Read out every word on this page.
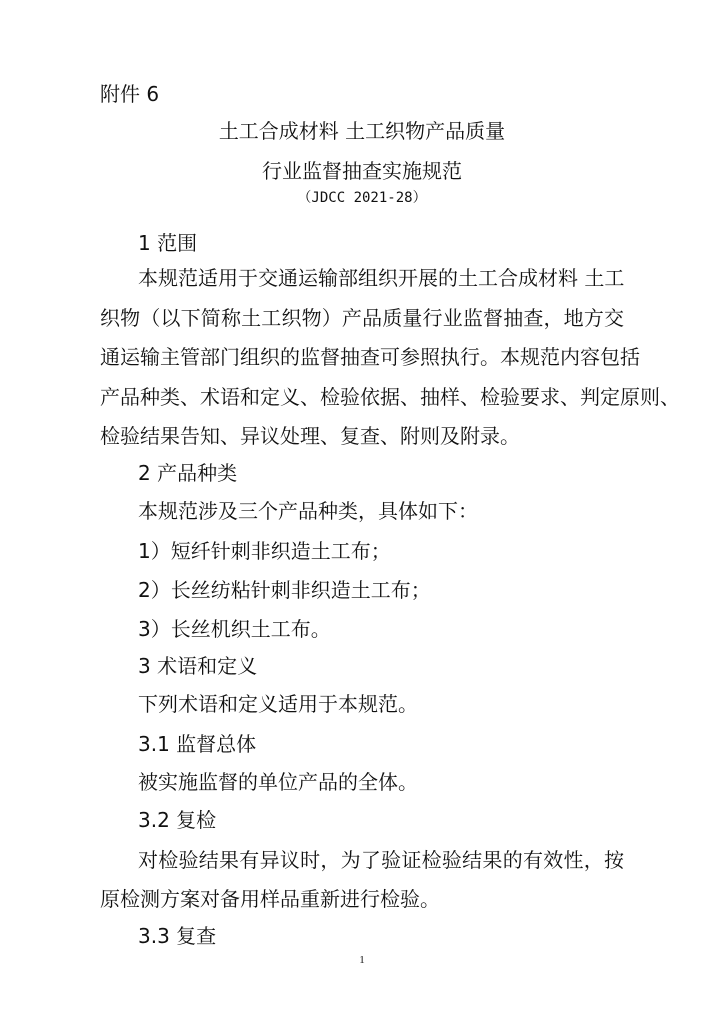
附件 6

土工合成材料 土工织物产品质量

行业监督抽查实施规范

（JDCC 2021-28）

1 范围

本规范适用于交通运输部组织开展的土工合成材料 土工

织物（以下简称土工织物）产品质量行业监督抽查，地方交

通运输主管部门组织的监督抽查可参照执行。本规范内容包括

产品种类、术语和定义、检验依据、抽样、检验要求、判定原则、

检验结果告知、异议处理、复查、附则及附录。

2 产品种类

本规范涉及三个产品种类，具体如下：

1）短纤针刺非织造土工布；

2）长丝纺粘针刺非织造土工布；

3）长丝机织土工布。

3 术语和定义

下列术语和定义适用于本规范。

3.1 监督总体

被实施监督的单位产品的全体。

3.2 复检

对检验结果有异议时，为了验证检验结果的有效性，按

原检测方案对备用样品重新进行检验。

3.3 复查

1
